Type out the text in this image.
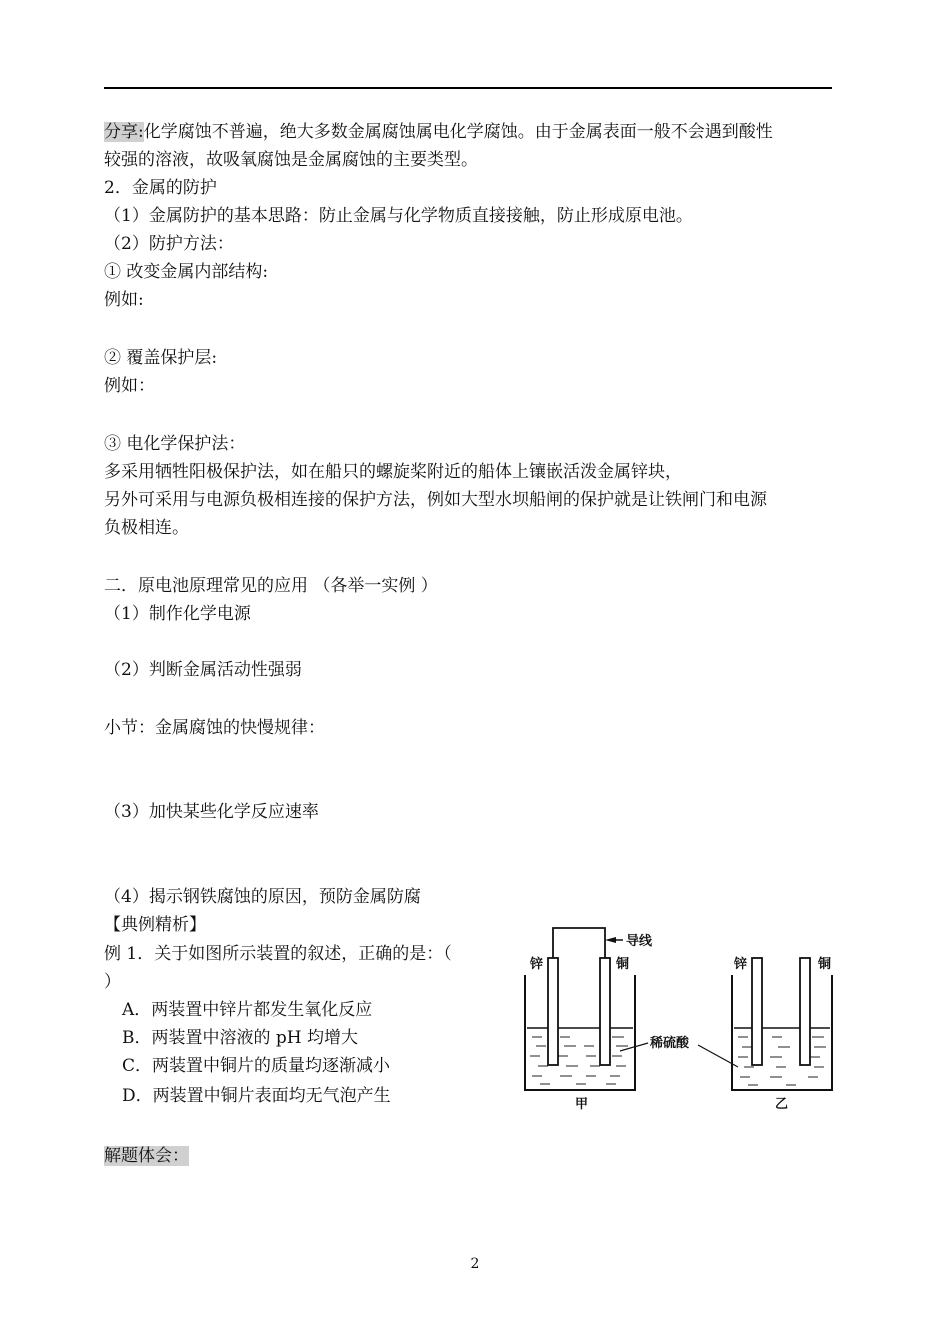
分享:化学腐蚀不普遍，绝大多数金属腐蚀属电化学腐蚀。由于金属表面一般不会遇到酸性
较强的溶液，故吸氧腐蚀是金属腐蚀的主要类型。
2．金属的防护
（1）金属防护的基本思路：防止金属与化学物质直接接触，防止形成原电池。
（2）防护方法：
① 改变金属内部结构:
例如:
② 覆盖保护层:
例如：
③ 电化学保护法：
多采用牺牲阳极保护法，如在船只的螺旋桨附近的船体上镶嵌活泼金属锌块，
另外可采用与电源负极相连接的保护方法，例如大型水坝船闸的保护就是让铁闸门和电源
负极相连。
二．原电池原理常见的应用 （各举一实例 ）
（1）制作化学电源
（2）判断金属活动性强弱
小节：金属腐蚀的快慢规律：
（3）加快某些化学反应速率
（4）揭示钢铁腐蚀的原因，预防金属防腐
【典例精析】
例 1．关于如图所示装置的叙述，正确的是：（
）
A．两装置中锌片都发生氧化反应
B．两装置中溶液的 pH 均增大
C．两装置中铜片的质量均逐渐减小
D．两装置中铜片表面均无气泡产生
解题体会：
导线
锌	铜
甲
稀硫酸
锌	铜
乙
2
